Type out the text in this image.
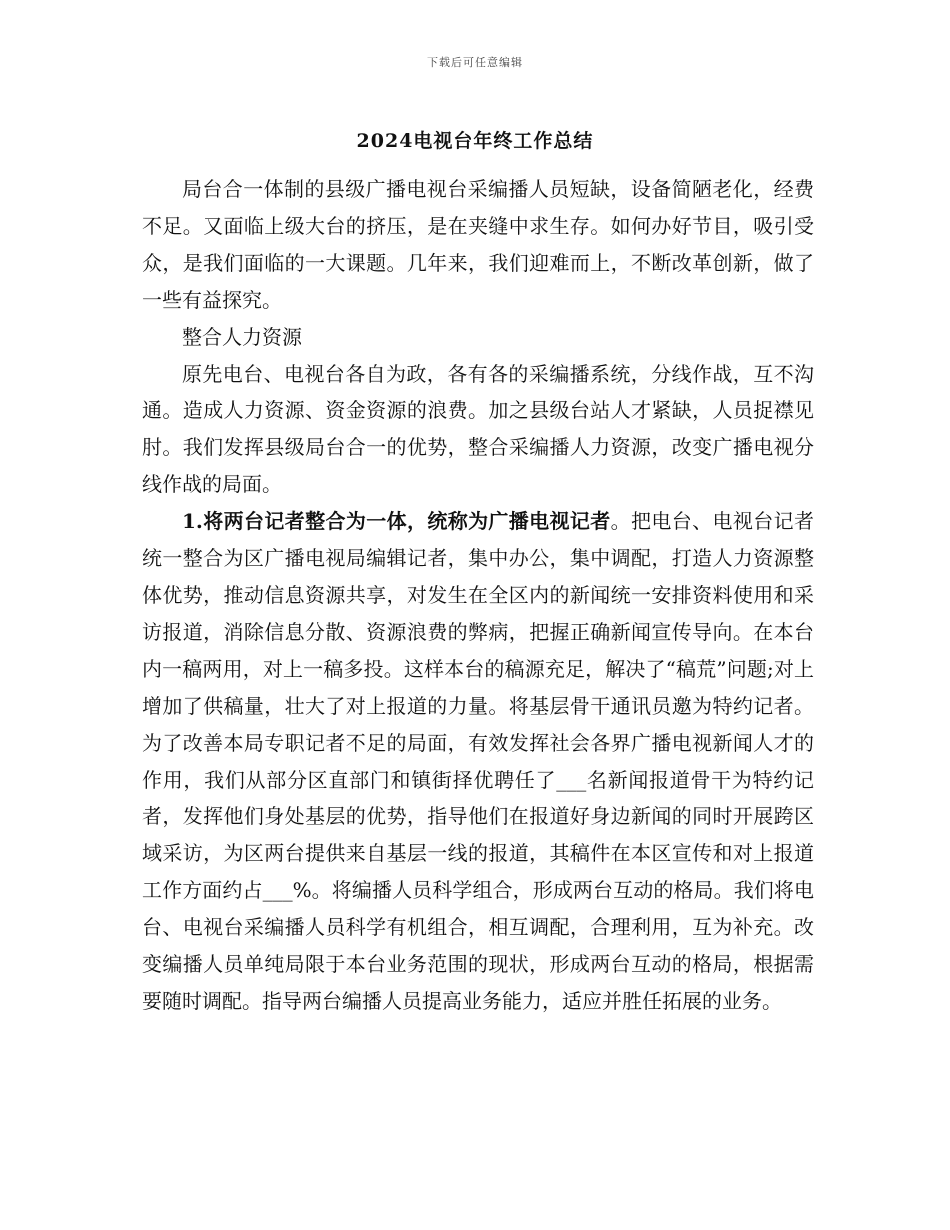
下载后可任意编辑
2024电视台年终工作总结

局台合一体制的县级广播电视台采编播人员短缺，设备简陋老化，经费不足。又面临上级大台的挤压，是在夹缝中求生存。如何办好节目，吸引受众，是我们面临的一大课题。几年来，我们迎难而上，不断改革创新，做了一些有益探究。

整合人力资源

原先电台、电视台各自为政，各有各的采编播系统，分线作战，互不沟通。造成人力资源、资金资源的浪费。加之县级台站人才紧缺，人员捉襟见肘。我们发挥县级局台合一的优势，整合采编播人力资源，改变广播电视分线作战的局面。

1.将两台记者整合为一体，统称为广播电视记者。把电台、电视台记者统一整合为区广播电视局编辑记者，集中办公，集中调配，打造人力资源整体优势，推动信息资源共享，对发生在全区内的新闻统一安排资料使用和采访报道，消除信息分散、资源浪费的弊病，把握正确新闻宣传导向。在本台内一稿两用，对上一稿多投。这样本台的稿源充足，解决了“稿荒”问题;对上增加了供稿量，壮大了对上报道的力量。将基层骨干通讯员邀为特约记者。为了改善本局专职记者不足的局面，有效发挥社会各界广播电视新闻人才的作用，我们从部分区直部门和镇街择优聘任了___名新闻报道骨干为特约记者，发挥他们身处基层的优势，指导他们在报道好身边新闻的同时开展跨区域采访，为区两台提供来自基层一线的报道，其稿件在本区宣传和对上报道工作方面约占___%。将编播人员科学组合，形成两台互动的格局。我们将电台、电视台采编播人员科学有机组合，相互调配，合理利用，互为补充。改变编播人员单纯局限于本台业务范围的现状，形成两台互动的格局，根据需要随时调配。指导两台编播人员提高业务能力，适应并胜任拓展的业务。
